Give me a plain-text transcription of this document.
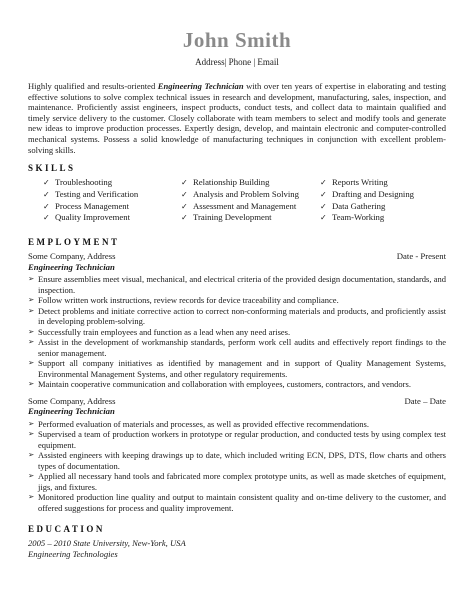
John Smith
Address| Phone | Email

Highly qualified and results-oriented Engineering Technician with over ten years of expertise in elaborating and testing effective solutions to solve complex technical issues in research and development, manufacturing, sales, inspection, and maintenance. Proficiently assist engineers, inspect products, conduct tests, and collect data to maintain qualified and timely service delivery to the customer. Closely collaborate with team members to select and modify tools and generate new ideas to improve production processes. Expertly design, develop, and maintain electronic and computer-controlled mechanical systems. Possess a solid knowledge of manufacturing techniques in conjunction with excellent problem-solving skills.

SKILLS
✓ Troubleshooting
✓ Testing and Verification
✓ Process Management
✓ Quality Improvement
✓ Relationship Building
✓ Analysis and Problem Solving
✓ Assessment and Management
✓ Training Development
✓ Reports Writing
✓ Drafting and Designing
✓ Data Gathering
✓ Team-Working
EMPLOYMENT
Some Company, Address	Date - Present
Engineering Technician
➢ Ensure assemblies meet visual, mechanical, and electrical criteria of the provided design documentation, standards, and inspection.
➢ Follow written work instructions, review records for device traceability and compliance.
➢ Detect problems and initiate corrective action to correct non-conforming materials and products, and proficiently assist in developing problem-solving.
➢ Successfully train employees and function as a lead when any need arises.
➢ Assist in the development of workmanship standards, perform work cell audits and effectively report findings to the senior management.
➢ Support all company initiatives as identified by management and in support of Quality Management Systems, Environmental Management Systems, and other regulatory requirements.
➢ Maintain cooperative communication and collaboration with employees, customers, contractors, and vendors.
Some Company, Address	Date – Date
Engineering Technician
➢ Performed evaluation of materials and processes, as well as provided effective recommendations.
➢ Supervised a team of production workers in prototype or regular production, and conducted tests by using complex test equipment.
➢ Assisted engineers with keeping drawings up to date, which included writing ECN, DPS, DTS, flow charts and others types of documentation.
➢ Applied all necessary hand tools and fabricated more complex prototype units, as well as made sketches of equipment, jigs, and fixtures.
➢ Monitored production line quality and output to maintain consistent quality and on-time delivery to the customer, and offered suggestions for process and quality improvement.
EDUCATION
2005 – 2010 State University, New-York, USA
Engineering Technologies
